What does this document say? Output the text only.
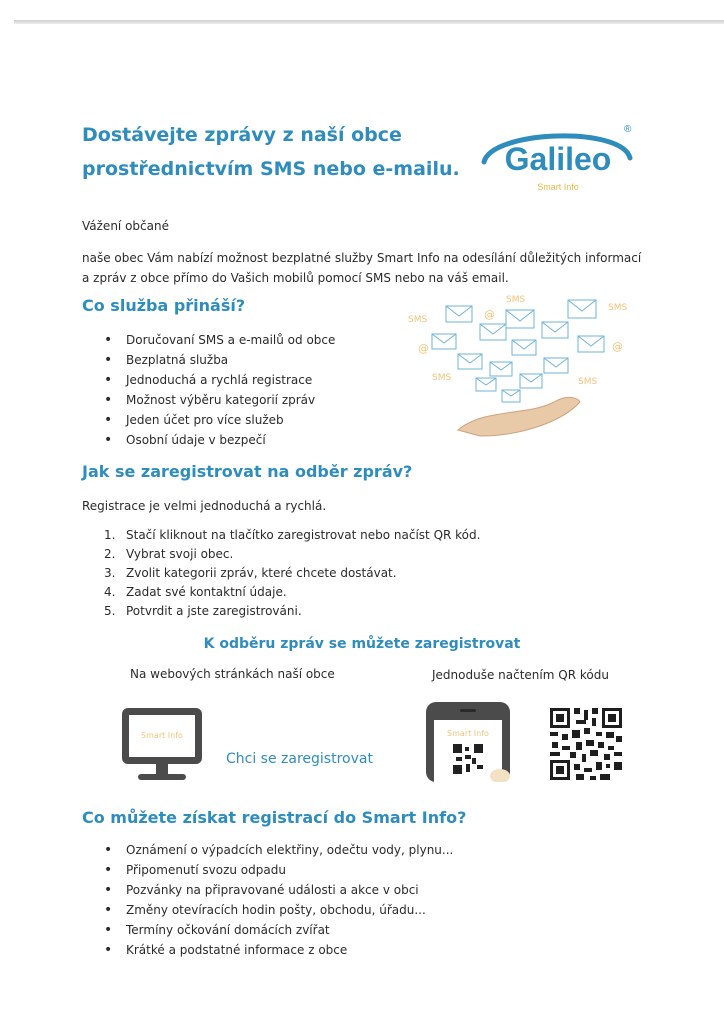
Dostávejte zprávy z naší obce
prostřednictvím SMS nebo e-mailu. Galileo
Smart Info
®

Vážení občané

naše obec Vám nabízí možnost bezplatné služby Smart Info na odesílání důležitých informací
a zpráv z obce přímo do Vašich mobilů pomocí SMS nebo na váš email.

Co služba přináší?
• Doručovaní SMS a e-mailů od obce
• Bezplatná služba
• Jednoduchá a rychlá registrace
• Možnost výběru kategorií zpráv
• Jeden účet pro více služeb
• Osobní údaje v bezpečí
SMS
SMS
SMS
SMS	SMS
@	@
@
Jak se zaregistrovat na odběr zpráv?

Registrace je velmi jednoduchá a rychlá.

1. Stačí kliknout na tlačítko zaregistrovat nebo načíst QR kód.
2. Vybrat svoji obec.
3. Zvolit kategorii zpráv, které chcete dostávat.
4. Zadat své kontaktní údaje.
5. Potvrdit a jste zaregistrováni.
K odběru zpráv se můžete zaregistrovat
Na webových stránkách naší obce	Jednoduše načtením QR kódu
Smart Info
Chci se zaregistrovat
Smart Info
Co můžete získat registrací do Smart Info?
• Oznámení o výpadcích elektřiny, odečtu vody, plynu...
• Připomenutí svozu odpadu
• Pozvánky na připravované události a akce v obci
• Změny otevíracích hodin pošty, obchodu, úřadu...
• Termíny očkování domácích zvířat
• Krátké a podstatné informace z obce
